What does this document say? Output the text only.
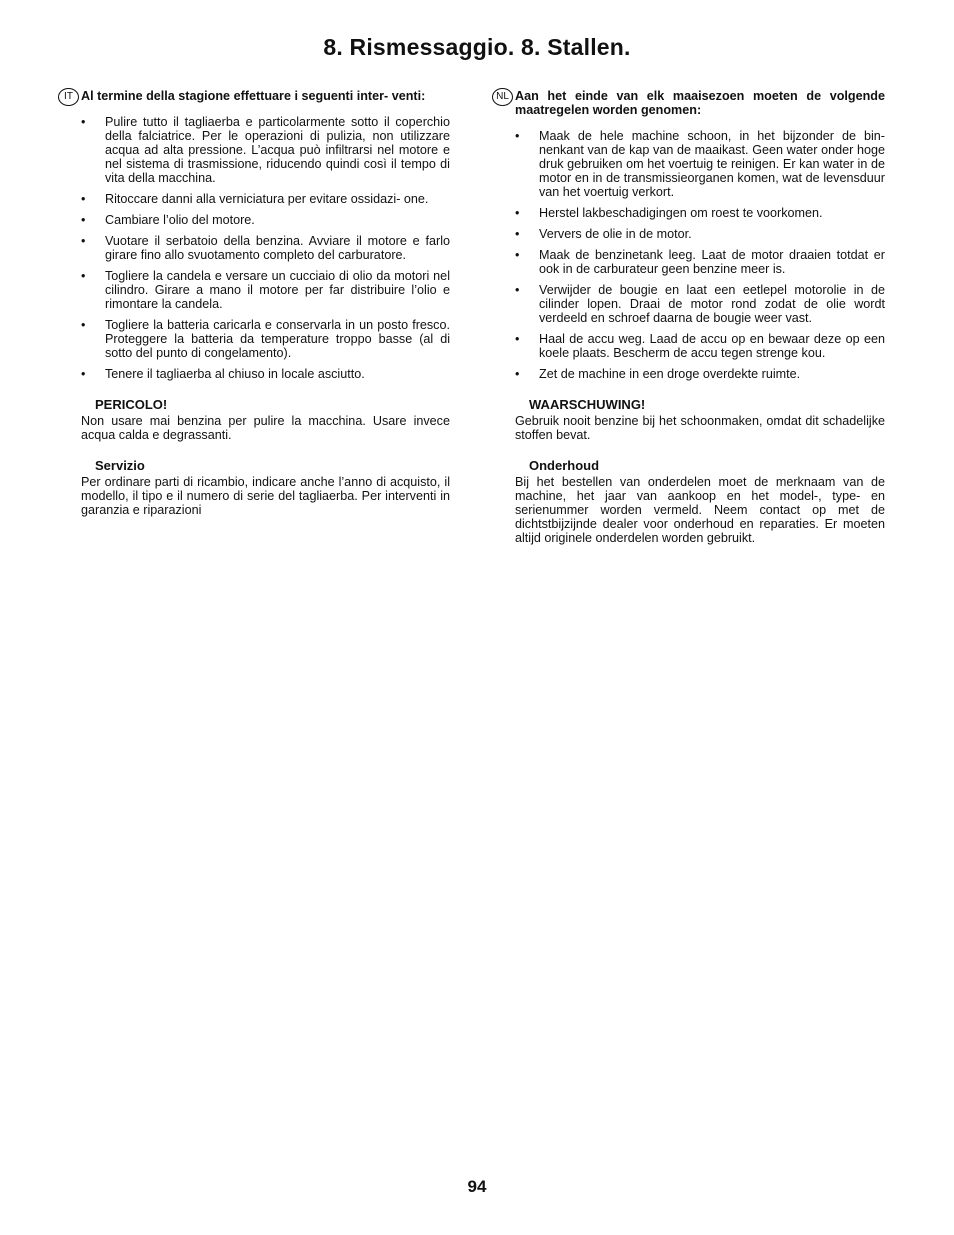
8. Rismessaggio. 8. Stallen.
IT Al termine della stagione effettuare i seguenti inter- venti:
• Pulire tutto il tagliaerba e particolarmente sotto il coperchio della falciatrice. Per le operazioni di pulizia, non utilizzare acqua ad alta pressione. L’acqua può infiltrarsi nel motore e nel sistema di trasmissione, riducendo quindi così il tempo di vita della macchina.
• Ritoccare danni alla verniciatura per evitare ossidazi- one.
• Cambiare l’olio del motore.
• Vuotare il serbatoio della benzina. Avviare il motore e farlo girare fino allo svuotamento completo del carburatore.
• Togliere la candela e versare un cucciaio di olio da motori nel cilindro. Girare a mano il motore per far distribuire l’olio e rimontare la candela.
• Togliere la batteria caricarla e conservarla in un posto fresco. Proteggere la batteria da temperature troppo basse (al di sotto del punto di congelamento).
• Tenere il tagliaerba al chiuso in locale asciutto.
PERICOLO!
Non usare mai benzina per pulire la macchina. Usare invece acqua calda e degrassanti.
Servizio
Per ordinare parti di ricambio, indicare anche l’anno di acquisto, il modello, il tipo e il numero di serie del tagliaerba. Per interventi in garanzia e riparazioni
NL Aan het einde van elk maaisezoen moeten de volgende maatregelen worden genomen:
• Maak de hele machine schoon, in het bijzonder de bin- nenkant van de kap van de maaikast. Geen water onder hoge druk gebruiken om het voertuig te reinigen. Er kan water in de motor en in de transmissieorganen komen, wat de levensduur van het voertuig verkort.
• Herstel lakbeschadigingen om roest te voorkomen.
• Ververs de olie in de motor.
• Maak de benzinetank leeg. Laat de motor draaien totdat er ook in de carburateur geen benzine meer is.
• Verwijder de bougie en laat een eetlepel motorolie in de cilinder lopen. Draai de motor rond zodat de olie wordt verdeeld en schroef daarna de bougie weer vast.
• Haal de accu weg. Laad de accu op en bewaar deze op een koele plaats. Bescherm de accu tegen strenge kou.
• Zet de machine in een droge overdekte ruimte.
WAARSCHUWING!
Gebruik nooit benzine bij het schoonmaken, omdat dit schadelijke stoffen bevat.
Onderhoud
Bij het bestellen van onderdelen moet de merknaam van de machine, het jaar van aankoop en het model-, type- en serienummer worden vermeld. Neem contact op met de dichtstbijzijnde dealer voor onderhoud en reparaties. Er moeten altijd originele onderdelen worden gebruikt.
94
